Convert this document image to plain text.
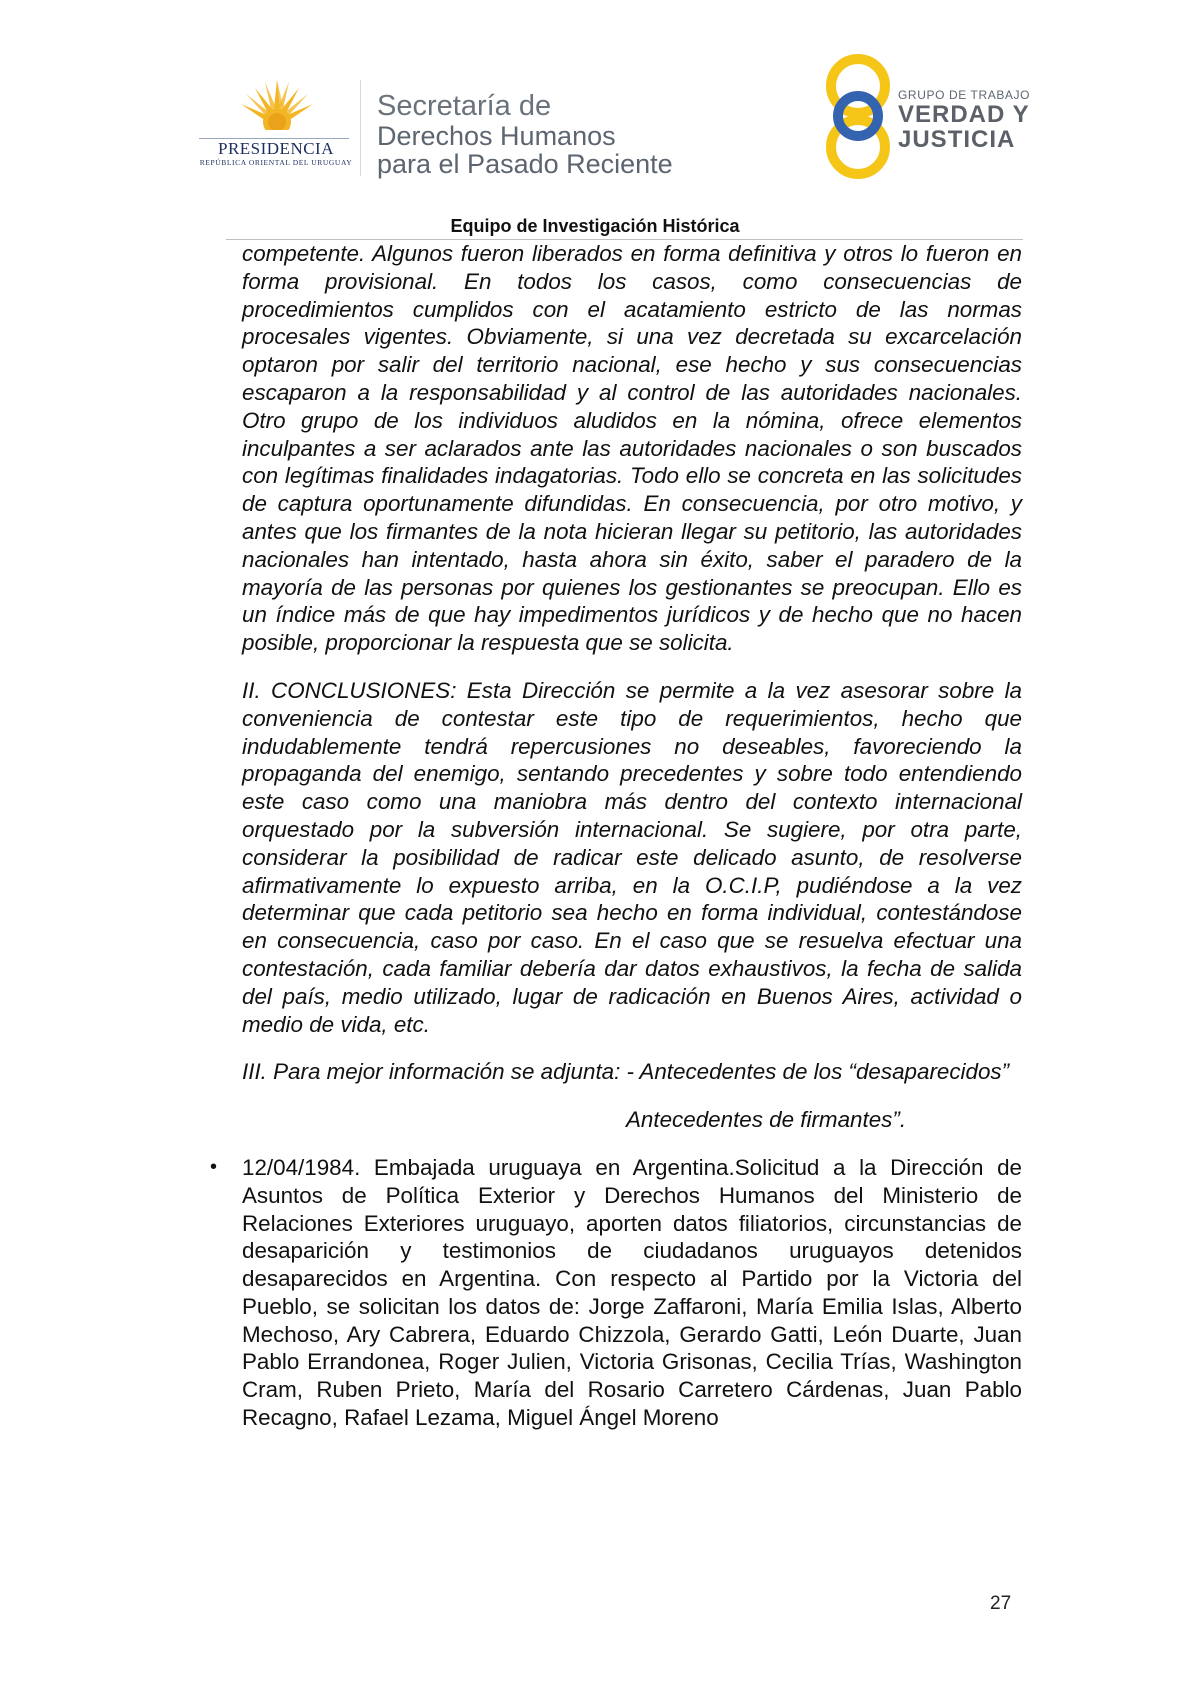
PRESIDENCIA
REPÚBLICA ORIENTAL DEL URUGUAY
Secretaría de
Derechos Humanos
para el Pasado Reciente
GRUPO DE TRABAJO
VERDAD Y
JUSTICIA
Equipo de Investigación Histórica

competente. Algunos fueron liberados en forma definitiva y otros lo fueron en forma provisional. En todos los casos, como consecuencias de procedimientos cumplidos con el acatamiento estricto de las normas procesales vigentes. Obviamente, si una vez decretada su excarcelación optaron por salir del territorio nacional, ese hecho y sus consecuencias escaparon a la responsabilidad y al control de las autoridades nacionales. Otro grupo de los individuos aludidos en la nómina, ofrece elementos inculpantes a ser aclarados ante las autoridades nacionales o son buscados con legítimas finalidades indagatorias. Todo ello se concreta en las solicitudes de captura oportunamente difundidas. En consecuencia, por otro motivo, y antes que los firmantes de la nota hicieran llegar su petitorio, las autoridades nacionales han intentado, hasta ahora sin éxito, saber el paradero de la mayoría de las personas por quienes los gestionantes se preocupan. Ello es un índice más de que hay impedimentos jurídicos y de hecho que no hacen posible, proporcionar la respuesta que se solicita.

II. CONCLUSIONES: Esta Dirección se permite a la vez asesorar sobre la conveniencia de contestar este tipo de requerimientos, hecho que indudablemente tendrá repercusiones no deseables, favoreciendo la propaganda del enemigo, sentando precedentes y sobre todo entendiendo este caso como una maniobra más dentro del contexto internacional orquestado por la subversión internacional. Se sugiere, por otra parte, considerar la posibilidad de radicar este delicado asunto, de resolverse afirmativamente lo expuesto arriba, en la O.C.I.P, pudiéndose a la vez determinar que cada petitorio sea hecho en forma individual, contestándose en consecuencia, caso por caso. En el caso que se resuelva efectuar una contestación, cada familiar debería dar datos exhaustivos, la fecha de salida del país, medio utilizado, lugar de radicación en Buenos Aires, actividad o medio de vida, etc.

III. Para mejor información se adjunta: - Antecedentes de los “desaparecidos”

Antecedentes de firmantes”.

• 12/04/1984. Embajada uruguaya en Argentina.Solicitud a la Dirección de Asuntos de Política Exterior y Derechos Humanos del Ministerio de Relaciones Exteriores uruguayo, aporten datos filiatorios, circunstancias de desaparición y testimonios de ciudadanos uruguayos detenidos desaparecidos en Argentina. Con respecto al Partido por la Victoria del Pueblo, se solicitan los datos de: Jorge Zaffaroni, María Emilia Islas, Alberto Mechoso, Ary Cabrera, Eduardo Chizzola, Gerardo Gatti, León Duarte, Juan Pablo Errandonea, Roger Julien, Victoria Grisonas, Cecilia Trías, Washington Cram, Ruben Prieto, María del Rosario Carretero Cárdenas, Juan Pablo Recagno, Rafael Lezama, Miguel Ángel Moreno

27
